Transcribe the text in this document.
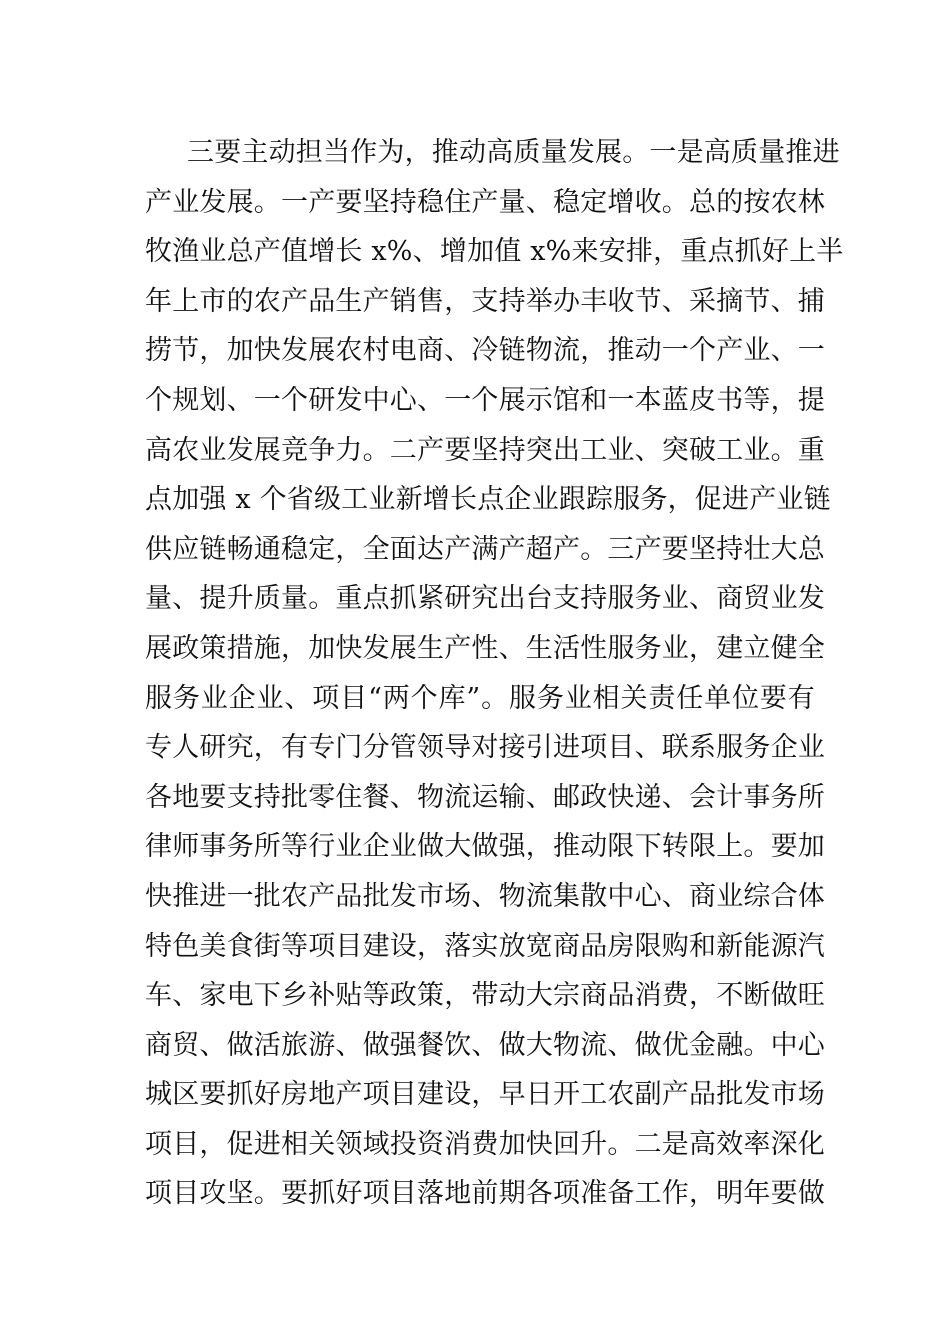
三要主动担当作为，推动高质量发展。一是高质量推进
产业发展。一产要坚持稳住产量、稳定增收。总的按农林
牧渔业总产值增长 x%、增加值 x%来安排，重点抓好上半
年上市的农产品生产销售，支持举办丰收节、采摘节、捕
捞节，加快发展农村电商、冷链物流，推动一个产业、一
个规划、一个研发中心、一个展示馆和一本蓝皮书等，提
高农业发展竞争力。二产要坚持突出工业、突破工业。重
点加强 x 个省级工业新增长点企业跟踪服务，促进产业链
供应链畅通稳定，全面达产满产超产。三产要坚持壮大总
量、提升质量。重点抓紧研究出台支持服务业、商贸业发
展政策措施，加快发展生产性、生活性服务业，建立健全
服务业企业、项目“两个库”。服务业相关责任单位要有
专人研究，有专门分管领导对接引进项目、联系服务企业
各地要支持批零住餐、物流运输、邮政快递、会计事务所
律师事务所等行业企业做大做强，推动限下转限上。要加
快推进一批农产品批发市场、物流集散中心、商业综合体
特色美食街等项目建设，落实放宽商品房限购和新能源汽
车、家电下乡补贴等政策，带动大宗商品消费，不断做旺
商贸、做活旅游、做强餐饮、做大物流、做优金融。中心
城区要抓好房地产项目建设，早日开工农副产品批发市场
项目，促进相关领域投资消费加快回升。二是高效率深化
项目攻坚。要抓好项目落地前期各项准备工作，明年要做
